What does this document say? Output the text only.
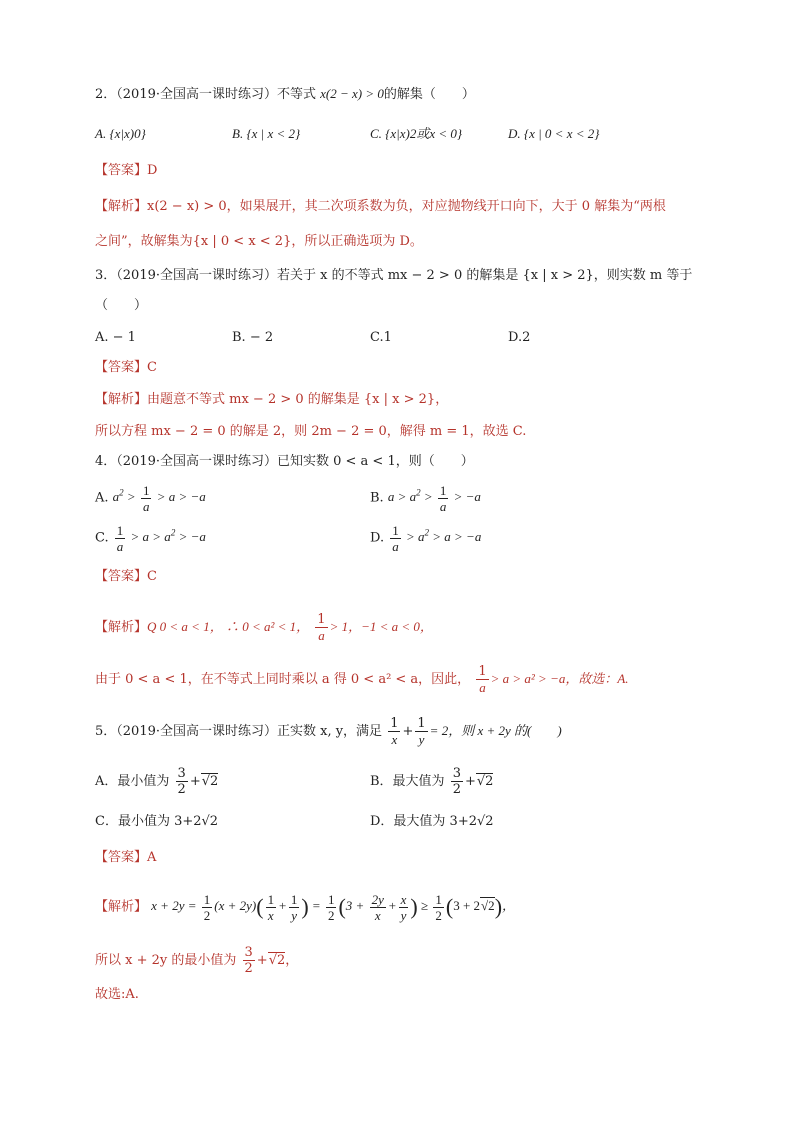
2．（2019·全国高一课时练习）不等式 x(2 − x) > 0的解集（　　）
A. {x|x)0}	B. {x | x < 2}	C. {x|x)2或x < 0}	D. {x | 0 < x < 2}
【答案】D
【解析】x(2 − x) > 0，如果展开，其二次项系数为负，对应抛物线开口向下，大于 0 解集为“两根
之间”，故解集为{x | 0 < x < 2}，所以正确选项为 D。
3．（2019·全国高一课时练习）若关于 x 的不等式 mx − 2 > 0 的解集是 {x | x > 2}，则实数 m 等于
（　　）
A. − 1	B. − 2	C.1	D.2
【答案】C
【解析】由题意不等式 mx − 2 > 0 的解集是 {x | x > 2}，
所以方程 mx − 2 = 0 的解是 2，则 2m − 2 = 0，解得 m = 1，故选 C.
4．（2019·全国高一课时练习）已知实数 0 < a < 1，则（　　）
A. $a^2 > \frac{1}{a} > a > -a$	B. $a > a^2 > \frac{1}{a} > -a$
C. $\frac{1}{a} > a > a^2 > -a$	D. $\frac{1}{a} > a^2 > a > -a$
【答案】C
【解析】Q 0 < a < 1， ∴ 0 < a² < 1， $\frac{1}{a} > 1$，−1 < a < 0，
由于 0 < a < 1，在不等式上同时乘以 a 得 0 < a² < a，因此， $\frac{1}{a} > a > a^2 > -a$，故选：A.
5．（2019·全国高一课时练习）正实数 x, y，满足 $\frac{1}{x} + \frac{1}{y} = 2$，则 x + 2y 的(　　)
A．最小值为 $\frac{3}{2} +√2$	B．最大值为 $\frac{3}{2} +√2$
C．最小值为 3+2√2	D．最大值为 3+2√2
【答案】A
【解析】 $x + 2y = \frac{1}{2} (x + 2y)( \frac{1}{x} + \frac{1}{y}$ ) = $\frac{1}{2} (3 + \frac{2y}{x} + \frac{x}{y}$ ) ≥ $\frac{1}{2} (3 + 2√2)$，
所以 x + 2y 的最小值为 $\frac{3}{2} +√2$，
故选:A.
